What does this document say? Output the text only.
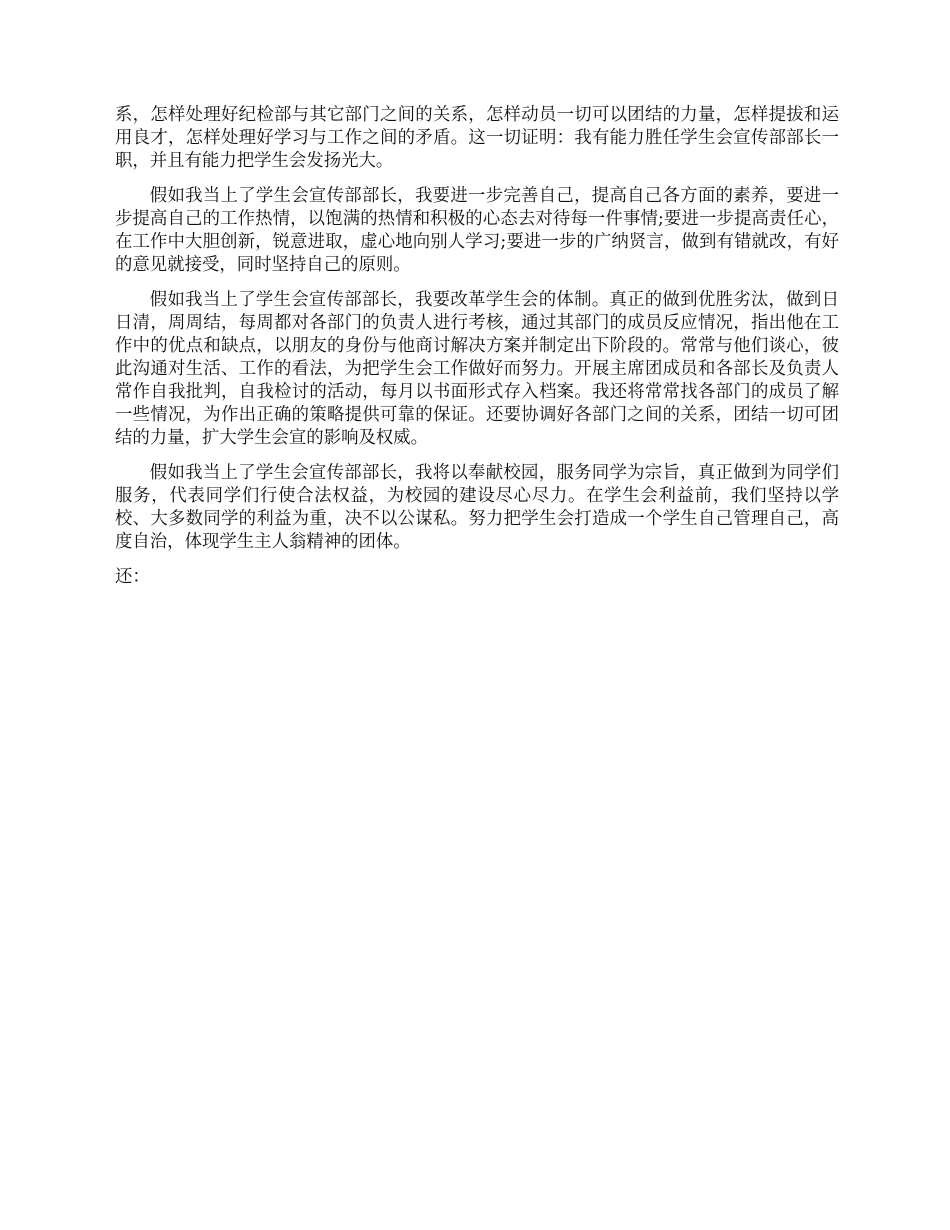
系，怎样处理好纪检部与其它部门之间的关系，怎样动员一切可以团结的力量，怎样提拔和运用良才，怎样处理好学习与工作之间的矛盾。这一切证明：我有能力胜任学生会宣传部部长一职，并且有能力把学生会发扬光大。

假如我当上了学生会宣传部部长，我要进一步完善自己，提高自己各方面的素养，要进一步提高自己的工作热情，以饱满的热情和积极的心态去对待每一件事情;要进一步提高责任心，在工作中大胆创新，锐意进取，虚心地向别人学习;要进一步的广纳贤言，做到有错就改，有好的意见就接受，同时坚持自己的原则。

假如我当上了学生会宣传部部长，我要改革学生会的体制。真正的做到优胜劣汰，做到日日清，周周结，每周都对各部门的负责人进行考核，通过其部门的成员反应情况，指出他在工作中的优点和缺点，以朋友的身份与他商讨解决方案并制定出下阶段的。常常与他们谈心，彼此沟通对生活、工作的看法，为把学生会工作做好而努力。开展主席团成员和各部长及负责人常作自我批判，自我检讨的活动，每月以书面形式存入档案。我还将常常找各部门的成员了解一些情况，为作出正确的策略提供可靠的保证。还要协调好各部门之间的关系，团结一切可团结的力量，扩大学生会宣的影响及权威。

假如我当上了学生会宣传部部长，我将以奉献校园，服务同学为宗旨，真正做到为同学们服务，代表同学们行使合法权益，为校园的建设尽心尽力。在学生会利益前，我们坚持以学校、大多数同学的利益为重，决不以公谋私。努力把学生会打造成一个学生自己管理自己，高度自治，体现学生主人翁精神的团体。

还：
